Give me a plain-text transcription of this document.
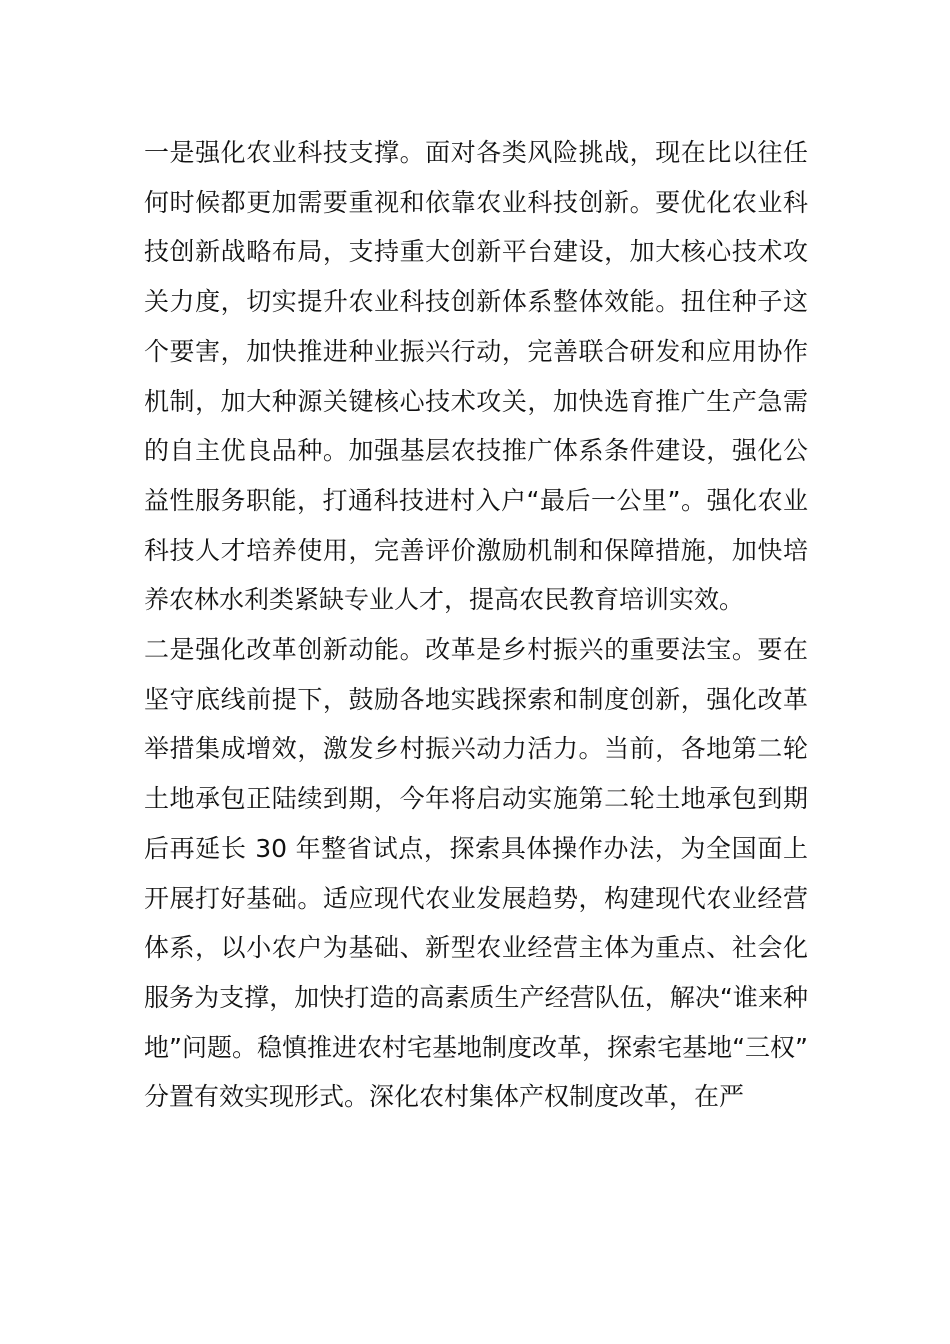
一是强化农业科技支撑。面对各类风险挑战，现在比以往任何时候都更加需要重视和依靠农业科技创新。要优化农业科技创新战略布局，支持重大创新平台建设，加大核心技术攻关力度，切实提升农业科技创新体系整体效能。扭住种子这个要害，加快推进种业振兴行动，完善联合研发和应用协作机制，加大种源关键核心技术攻关，加快选育推广生产急需的自主优良品种。加强基层农技推广体系条件建设，强化公益性服务职能，打通科技进村入户“最后一公里”。强化农业科技人才培养使用，完善评价激励机制和保障措施，加快培养农林水利类紧缺专业人才，提高农民教育培训实效。

二是强化改革创新动能。改革是乡村振兴的重要法宝。要在坚守底线前提下，鼓励各地实践探索和制度创新，强化改革举措集成增效，激发乡村振兴动力活力。当前，各地第二轮土地承包正陆续到期，今年将启动实施第二轮土地承包到期后再延长 30 年整省试点，探索具体操作办法，为全国面上开展打好基础。适应现代农业发展趋势，构建现代农业经营体系，以小农户为基础、新型农业经营主体为重点、社会化服务为支撑，加快打造的高素质生产经营队伍，解决“谁来种地”问题。稳慎推进农村宅基地制度改革，探索宅基地“三权”分置有效实现形式。深化农村集体产权制度改革，在严
